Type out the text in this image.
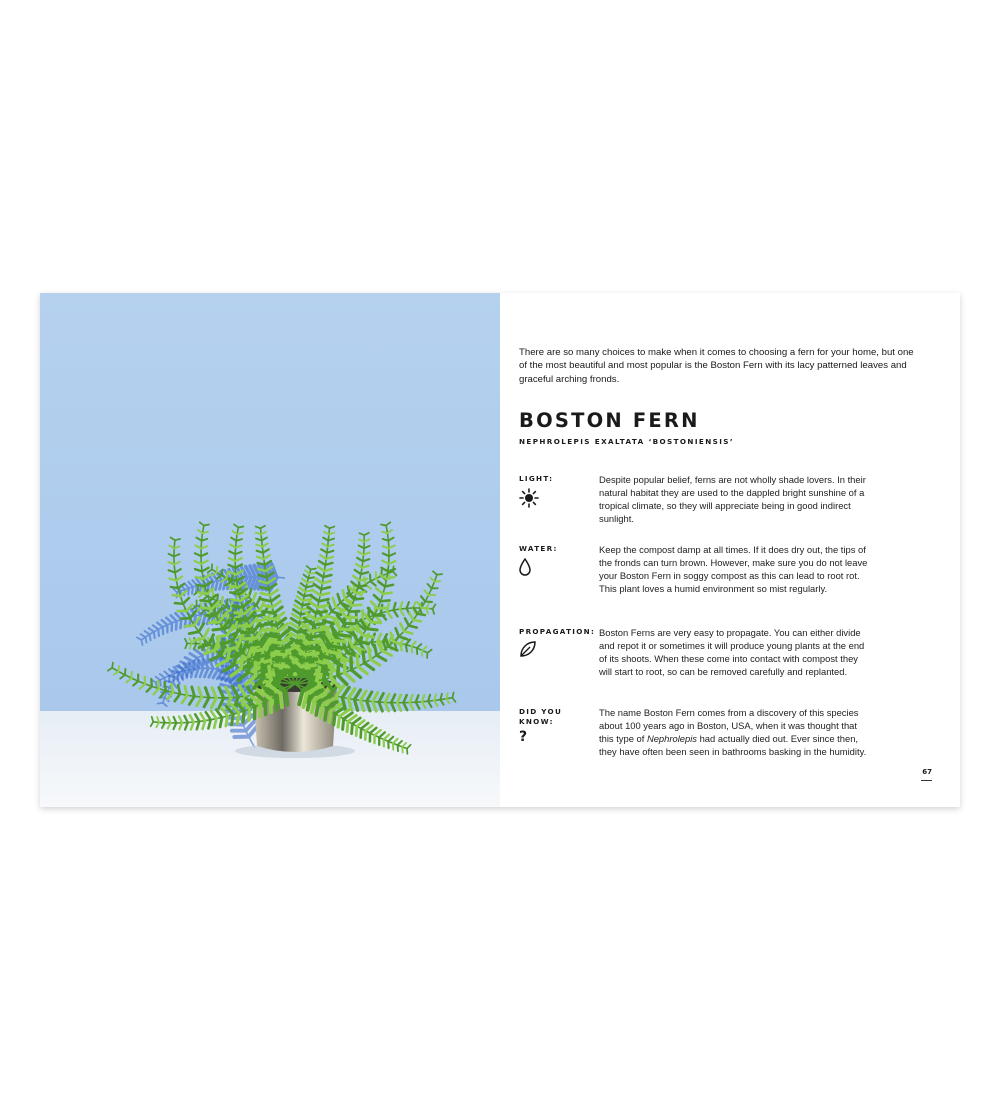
There are so many choices to make when it comes to choosing a fern for your home, but one of the most beautiful and most popular is the Boston Fern with its lacy patterned leaves and graceful arching fronds.

BOSTON FERN

NEPHROLEPIS EXALTATA ‘BOSTONIENSIS’

LIGHT:	Despite popular belief, ferns are not wholly shade lovers. In their natural habitat they are used to the dappled bright sunshine of a tropical climate, so they will appreciate being in good indirect sunlight.

WATER:	Keep the compost damp at all times. If it does dry out, the tips of the fronds can turn brown. However, make sure you do not leave your Boston Fern in soggy compost as this can lead to root rot. This plant loves a humid environment so mist regularly.

PROPAGATION: Boston Ferns are very easy to propagate. You can either divide and repot it or sometimes it will produce young plants at the end of its shoots. When these come into contact with compost they will start to root, so can be removed carefully and replanted.

DID YOU
KNOW:
?

The name Boston Fern comes from a discovery of this species about 100 years ago in Boston, USA, when it was thought that this type of Nephrolepis had actually died out. Ever since then, they have often been seen in bathrooms basking in the humidity.

67
